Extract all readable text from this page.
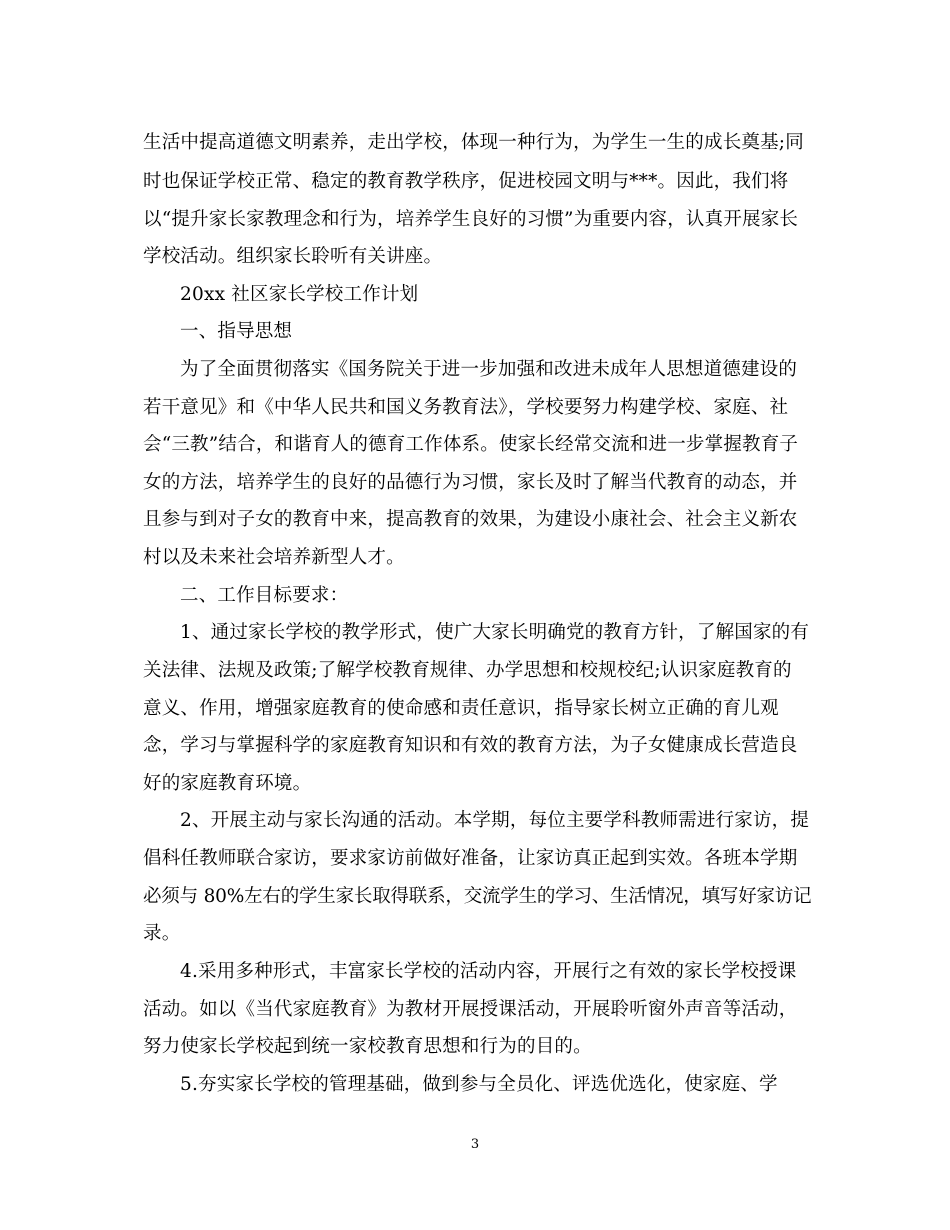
生活中提高道德文明素养，走出学校，体现一种行为，为学生一生的成长奠基;同
时也保证学校正常、稳定的教育教学秩序，促进校园文明与***。因此，我们将
以“提升家长家教理念和行为，培养学生良好的习惯”为重要内容，认真开展家长
学校活动。组织家长聆听有关讲座。
20xx 社区家长学校工作计划
一、指导思想
为了全面贯彻落实《国务院关于进一步加强和改进未成年人思想道德建设的
若干意见》和《中华人民共和国义务教育法》，学校要努力构建学校、家庭、社
会“三教”结合，和谐育人的德育工作体系。使家长经常交流和进一步掌握教育子
女的方法，培养学生的良好的品德行为习惯，家长及时了解当代教育的动态，并
且参与到对子女的教育中来，提高教育的效果，为建设小康社会、社会主义新农
村以及未来社会培养新型人才。
二、工作目标要求：
1、通过家长学校的教学形式，使广大家长明确党的教育方针，了解国家的有
关法律、法规及政策;了解学校教育规律、办学思想和校规校纪;认识家庭教育的
意义、作用，增强家庭教育的使命感和责任意识，指导家长树立正确的育儿观
念，学习与掌握科学的家庭教育知识和有效的教育方法，为子女健康成长营造良
好的家庭教育环境。
2、开展主动与家长沟通的活动。本学期，每位主要学科教师需进行家访，提
倡科任教师联合家访，要求家访前做好准备，让家访真正起到实效。各班本学期
必须与 80%左右的学生家长取得联系，交流学生的学习、生活情况，填写好家访记
录。
4.采用多种形式，丰富家长学校的活动内容，开展行之有效的家长学校授课
活动。如以《当代家庭教育》为教材开展授课活动，开展聆听窗外声音等活动，
努力使家长学校起到统一家校教育思想和行为的目的。
5.夯实家长学校的管理基础，做到参与全员化、评选优选化，使家庭、学
3
